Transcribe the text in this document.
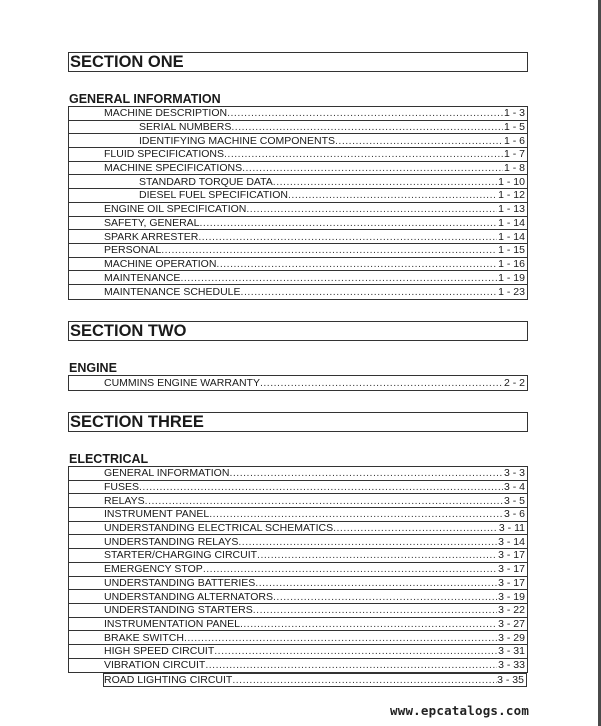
SECTION ONE
GENERAL INFORMATION
MACHINE DESCRIPTION .....	1 - 3
SERIAL NUMBERS .....	1 - 5
IDENTIFYING MACHINE COMPONENTS .....	1 - 6
FLUID SPECIFICATIONS .....	1 - 7
MACHINE SPECIFICATIONS .....	1 - 8
STANDARD TORQUE DATA .....	1 - 10
DIESEL FUEL SPECIFICATION .....	1 - 12
ENGINE OIL SPECIFICATION .....	1 - 13
SAFETY, GENERAL .....	1 - 14
SPARK ARRESTER .....	1 - 14
PERSONAL .....	1 - 15
MACHINE OPERATION .....	1 - 16
MAINTENANCE .....	1 - 19
MAINTENANCE SCHEDULE .....	1 - 23
SECTION TWO
ENGINE
CUMMINS ENGINE WARRANTY .....	2 - 2
SECTION THREE
ELECTRICAL
GENERAL INFORMATION .....	3 - 3
FUSES .....	3 - 4
RELAYS .....	3 - 5
INSTRUMENT PANEL .....	3 - 6
UNDERSTANDING ELECTRICAL SCHEMATICS .....	3 - 11
UNDERSTANDING RELAYS .....	3 - 14
STARTER/CHARGING CIRCUIT .....	3 - 17
EMERGENCY STOP .....	3 - 17
UNDERSTANDING BATTERIES .....	3 - 17
UNDERSTANDING ALTERNATORS .....	3 - 19
UNDERSTANDING STARTERS .....	3 - 22
INSTRUMENTATION PANEL .....	3 - 27
BRAKE SWITCH .....	3 - 29
HIGH SPEED CIRCUIT .....	3 - 31
VIBRATION CIRCUIT .....	3 - 33
www.epcatalogs.com
ROAD LIGHTING CIRCUIT .....	3 - 35
